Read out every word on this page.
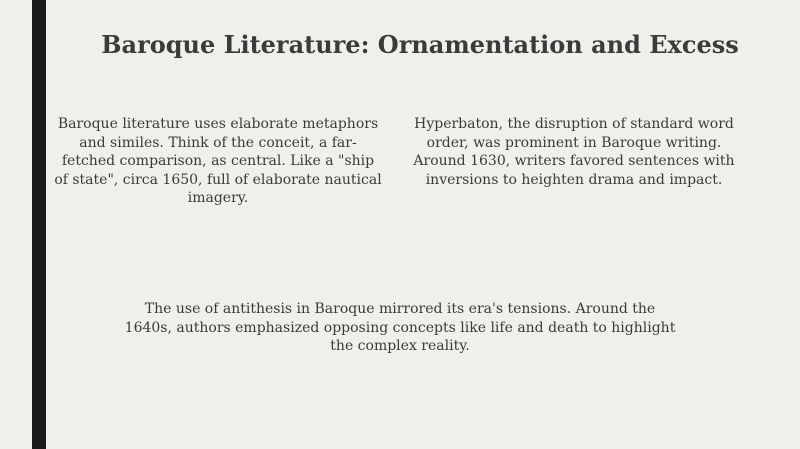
Baroque Literature: Ornamentation and Excess
Baroque literature uses elaborate metaphors and similes. Think of the conceit, a far-fetched comparison, as central. Like a "ship of state", circa 1650, full of elaborate nautical imagery.
Hyperbaton, the disruption of standard word order, was prominent in Baroque writing. Around 1630, writers favored sentences with inversions to heighten drama and impact.
The use of antithesis in Baroque mirrored its era's tensions. Around the 1640s, authors emphasized opposing concepts like life and death to highlight the complex reality.
